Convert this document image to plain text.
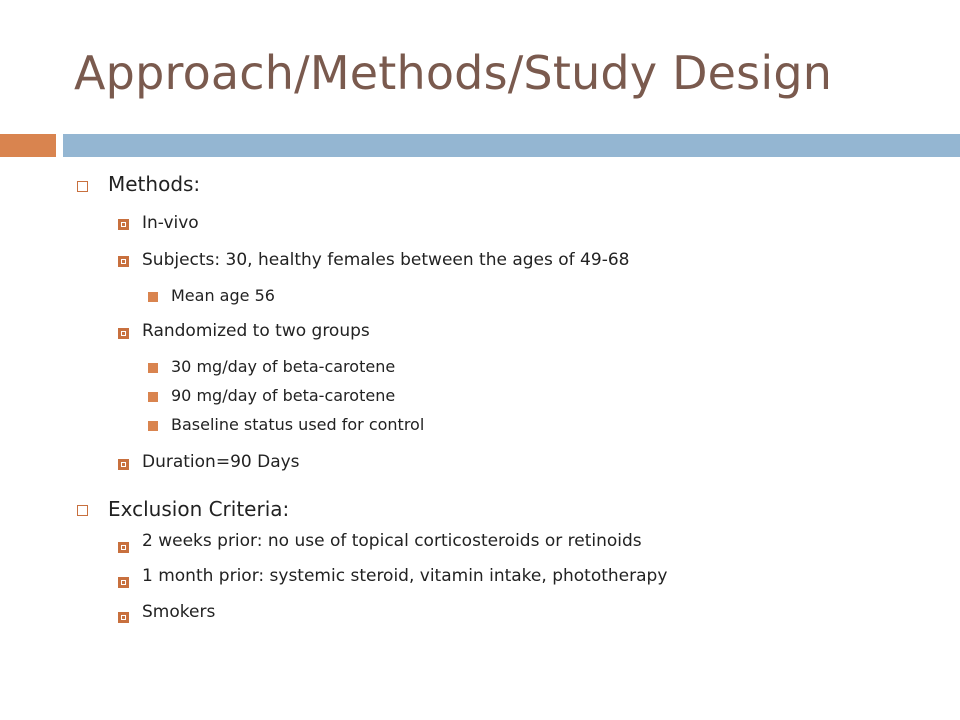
Approach/Methods/Study Design
Methods:
In-vivo
Subjects: 30, healthy females between the ages of 49-68
Mean age 56
Randomized to two groups
30 mg/day of beta-carotene
90 mg/day of beta-carotene
Baseline status used for control
Duration=90 Days
Exclusion Criteria:
2 weeks prior: no use of topical corticosteroids or retinoids
1 month prior: systemic steroid, vitamin intake, phototherapy
Smokers
